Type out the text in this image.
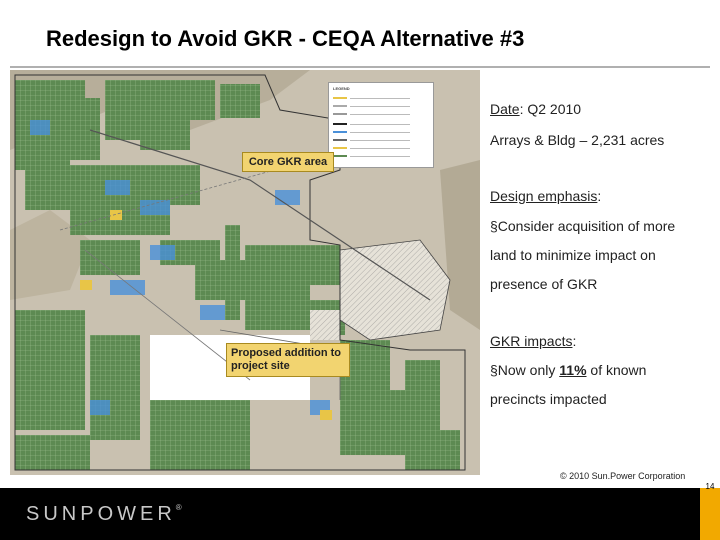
Redesign to Avoid GKR - CEQA Alternative #3
LEGEND
Core GKR area
Proposed addition to project site
Date: Q2 2010
Arrays & Bldg – 2,231 acres
Design emphasis:
§Consider acquisition of more
land to minimize impact on
presence of GKR
GKR impacts:
§Now only 11% of known
precincts impacted
© 2010 Sun.Power Corporation
SUNPOWER®
14
